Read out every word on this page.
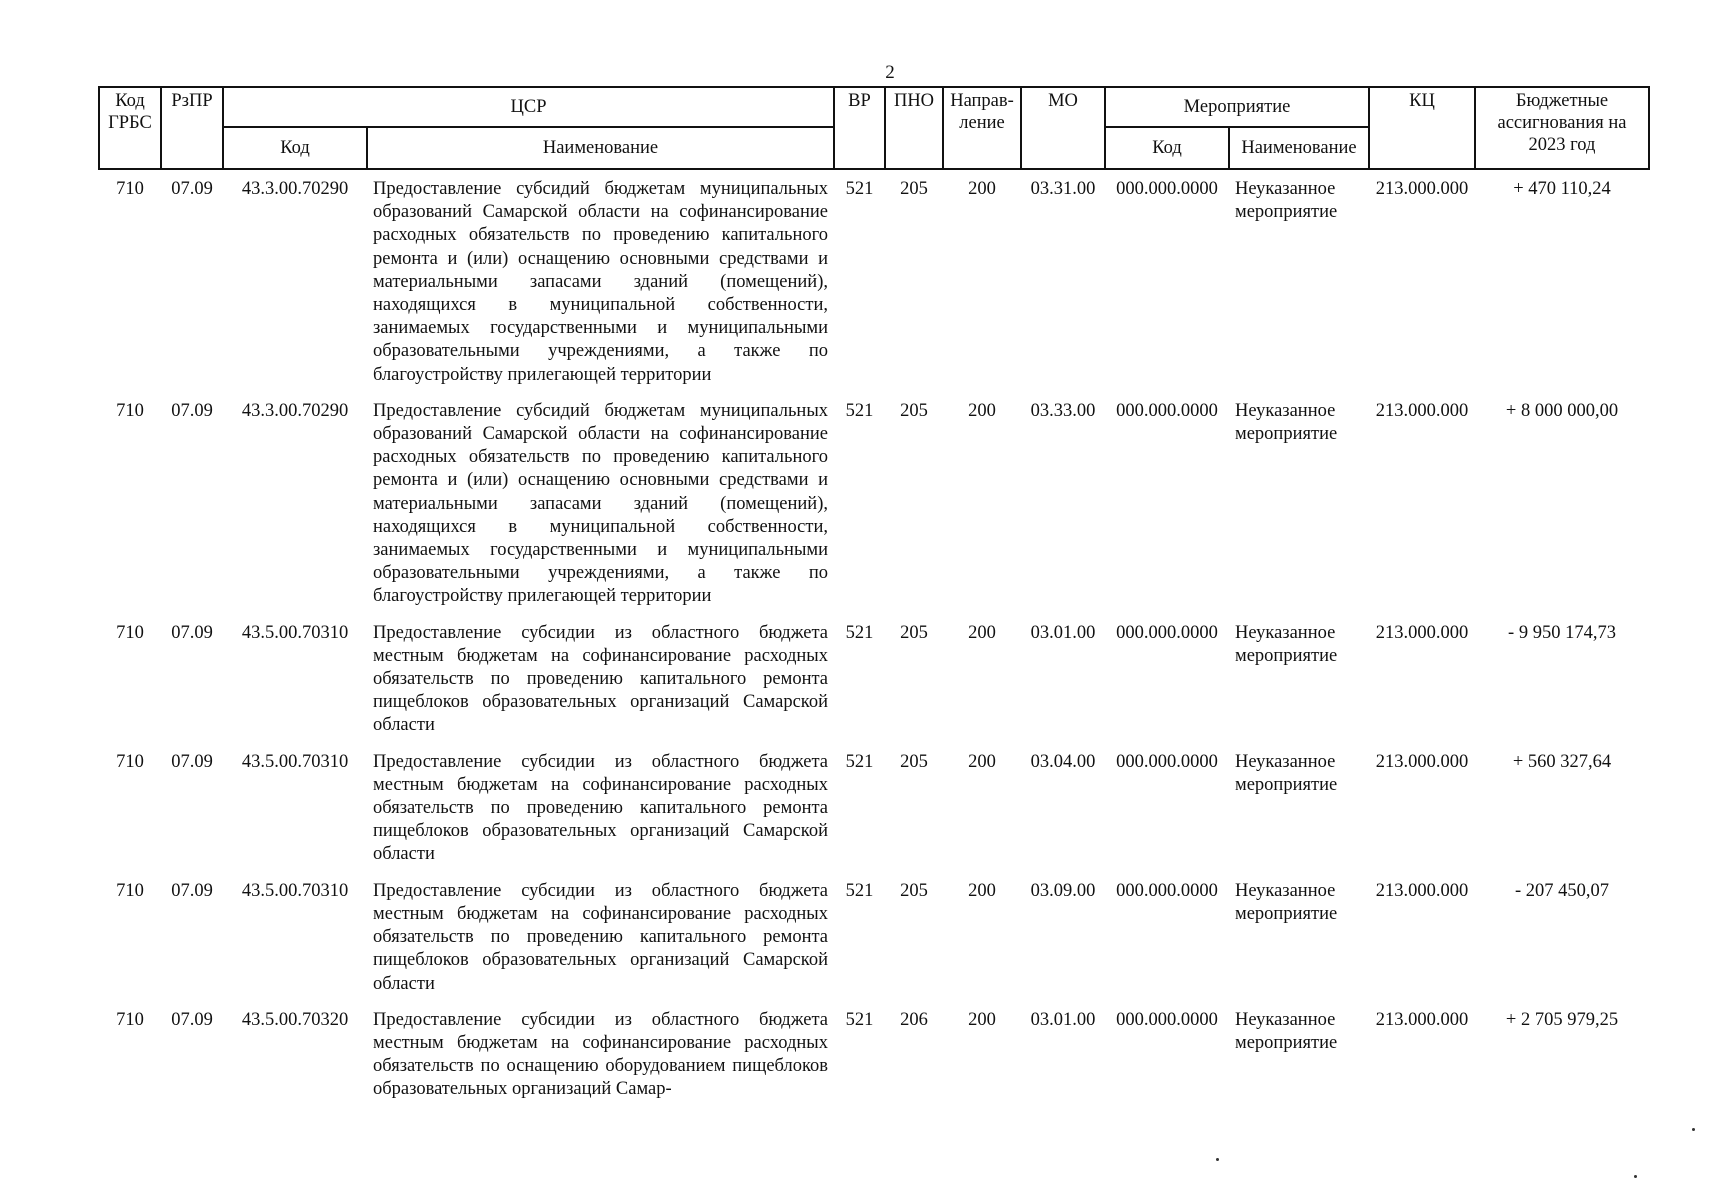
2
Код ГРБС	РзПР	ЦСР		ВР	ПНО	Направ-ление	МО	Мероприятие		КЦ	Бюджетные ассигнования на 2023 год
		Код	Наименование					Код	Наименование		
710	07.09	43.3.00.70290	Предоставление субсидий бюджетам муниципальных образований Самарской области на софинансирование расходных обязательств по проведению капитального ремонта и (или) оснащению основными средствами и материальными запасами зданий (помещений), находящихся в муниципальной собственности, занимаемых государственными и муниципальными образовательными учреждениями, а также по благоустройству прилегающей территории	521	205	200	03.31.00	000.000.0000	Неуказанное мероприятие	213.000.000	+ 470 110,24
710	07.09	43.3.00.70290	Предоставление субсидий бюджетам муниципальных образований Самарской области на софинансирование расходных обязательств по проведению капитального ремонта и (или) оснащению основными средствами и материальными запасами зданий (помещений), находящихся в муниципальной собственности, занимаемых государственными и муниципальными образовательными учреждениями, а также по благоустройству прилегающей территории	521	205	200	03.33.00	000.000.0000	Неуказанное мероприятие	213.000.000	+ 8 000 000,00
710	07.09	43.5.00.70310	Предоставление субсидии из областного бюджета местным бюджетам на софинансирование расходных обязательств по проведению капитального ремонта пищеблоков образовательных организаций Самарской области	521	205	200	03.01.00	000.000.0000	Неуказанное мероприятие	213.000.000	- 9 950 174,73
710	07.09	43.5.00.70310	Предоставление субсидии из областного бюджета местным бюджетам на софинансирование расходных обязательств по проведению капитального ремонта пищеблоков образовательных организаций Самарской области	521	205	200	03.04.00	000.000.0000	Неуказанное мероприятие	213.000.000	+ 560 327,64
710	07.09	43.5.00.70310	Предоставление субсидии из областного бюджета местным бюджетам на софинансирование расходных обязательств по проведению капитального ремонта пищеблоков образовательных организаций Самарской области	521	205	200	03.09.00	000.000.0000	Неуказанное мероприятие	213.000.000	- 207 450,07
710	07.09	43.5.00.70320	Предоставление субсидии из областного бюджета местным бюджетам на софинансирование расходных обязательств по оснащению оборудованием пищеблоков образовательных организаций Самар-	521	206	200	03.01.00	000.000.0000	Неуказанное мероприятие	213.000.000	+ 2 705 979,25
